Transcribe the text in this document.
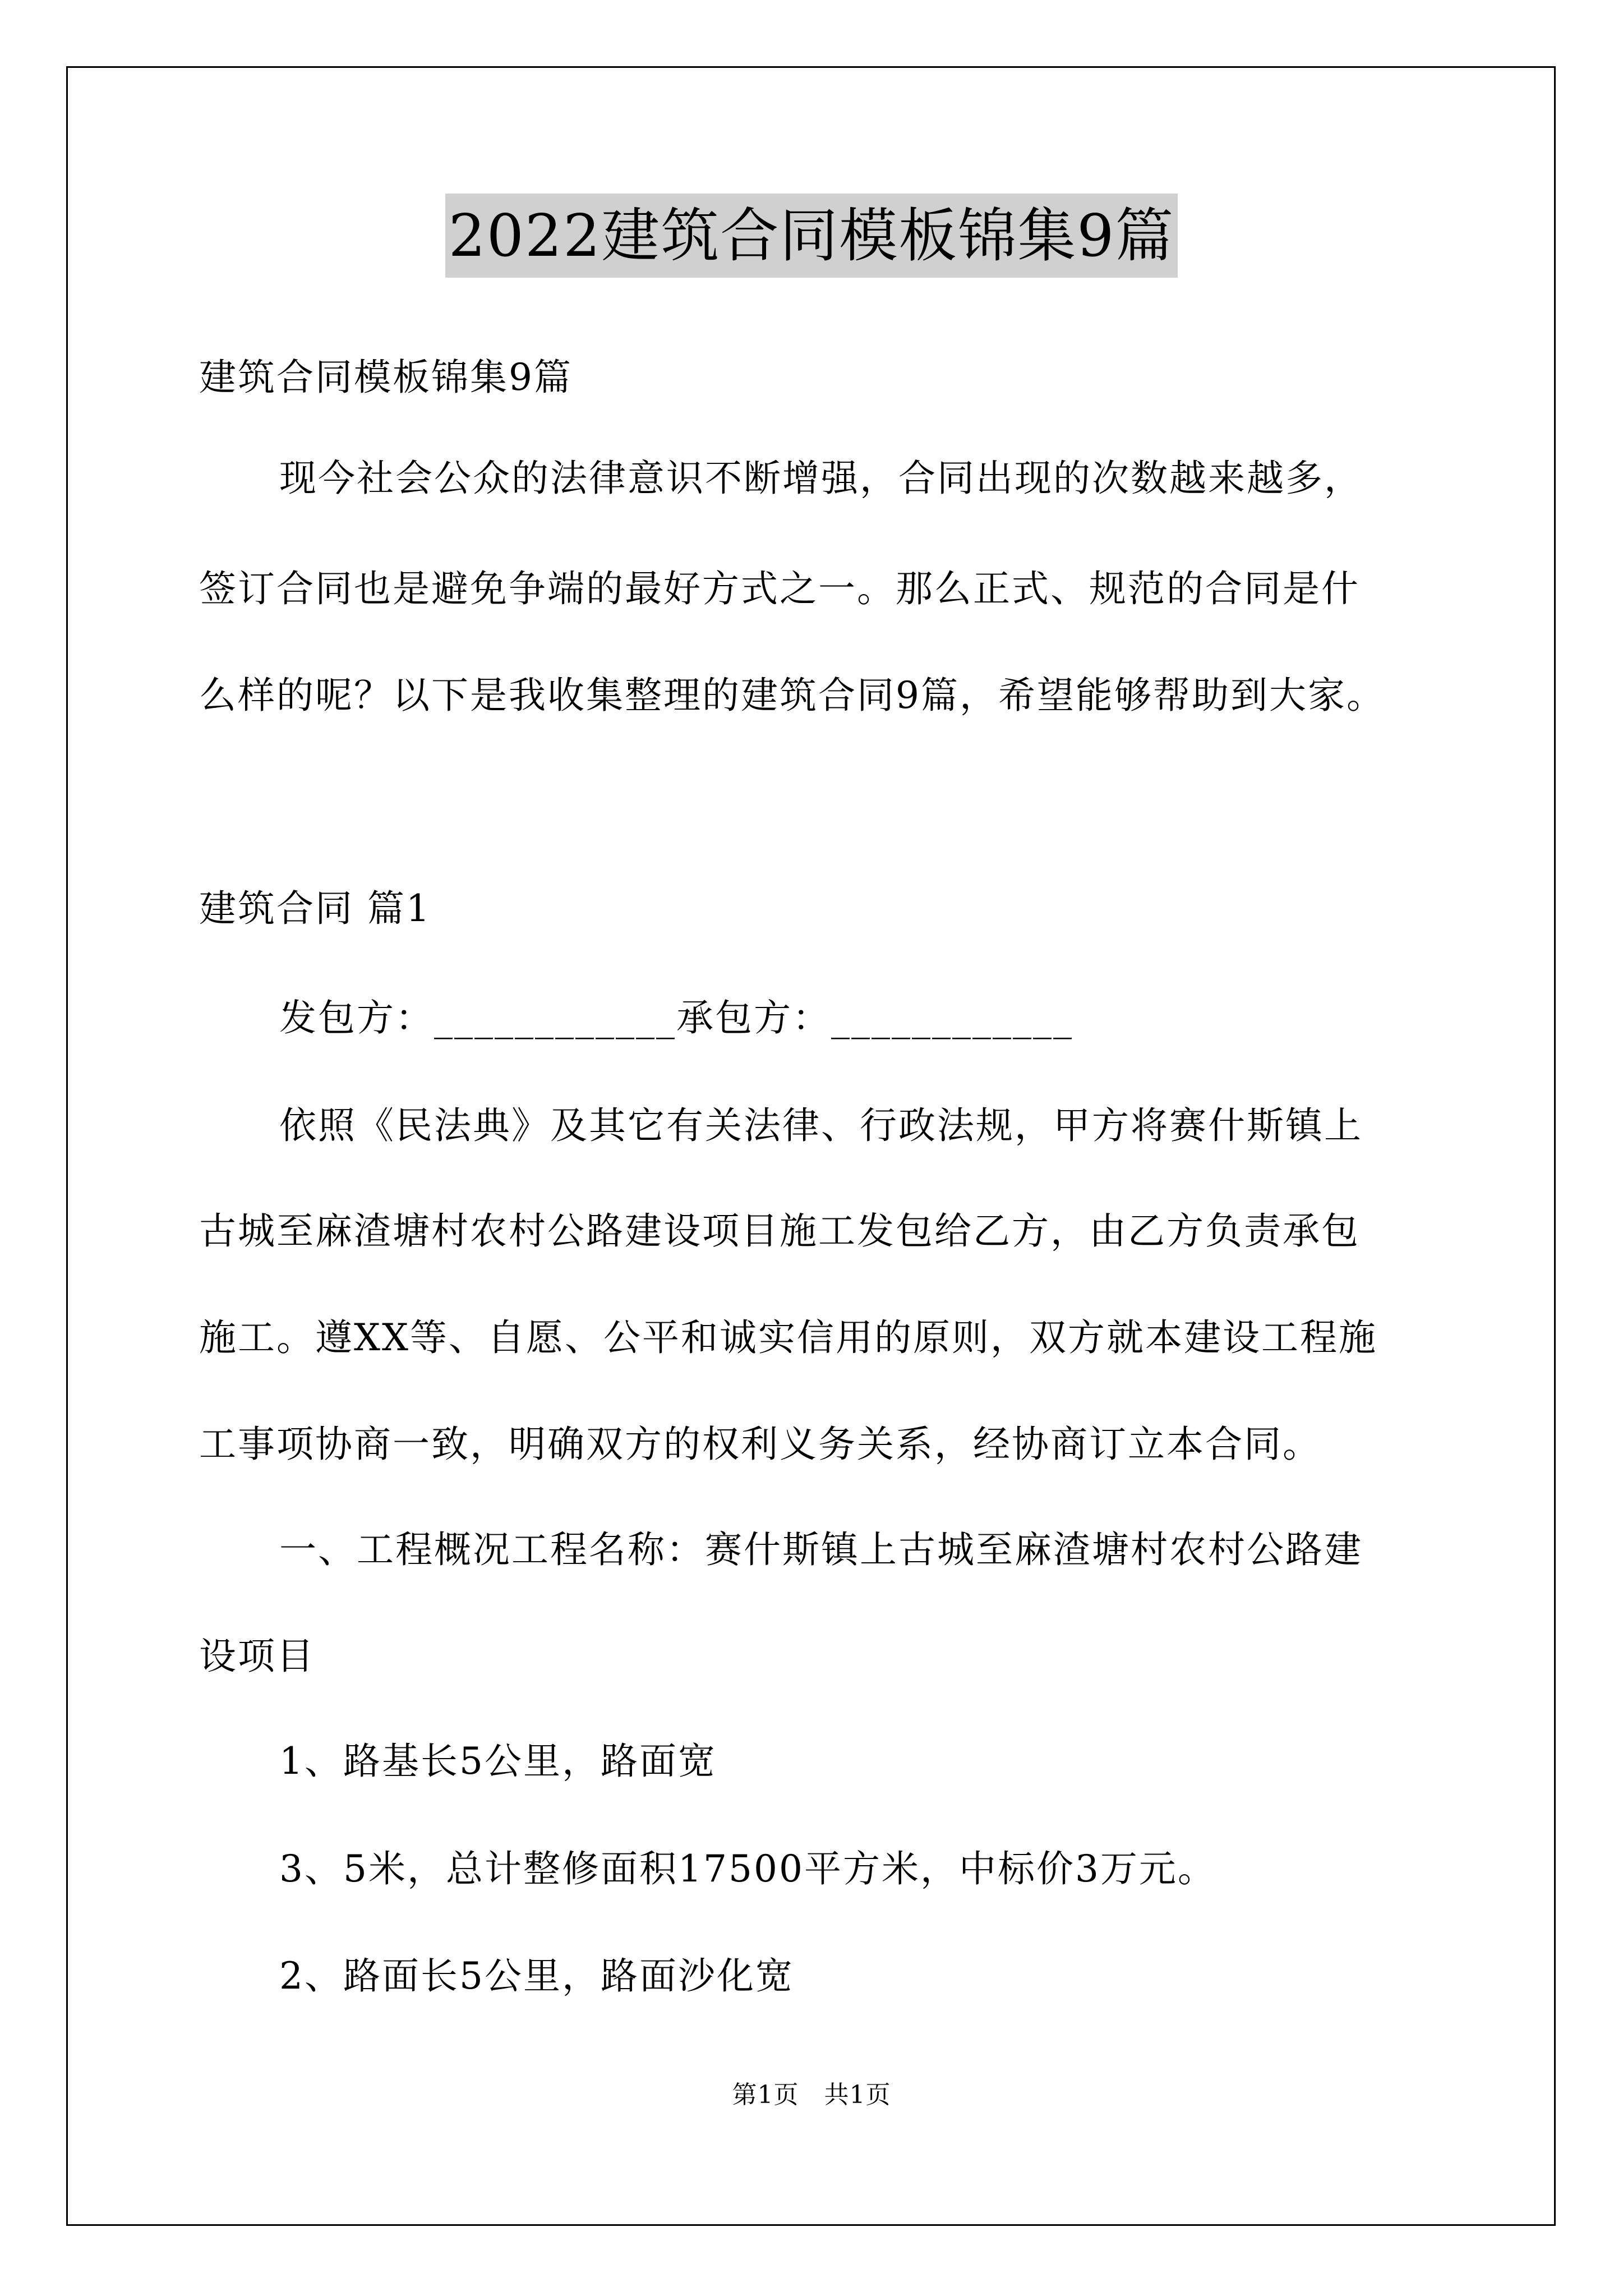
2022建筑合同模板锦集9篇
建筑合同模板锦集9篇
现今社会公众的法律意识不断增强，合同出现的次数越来越多，
签订合同也是避免争端的最好方式之一。那么正式、规范的合同是什
么样的呢？以下是我收集整理的建筑合同9篇，希望能够帮助到大家。
建筑合同 篇1
发包方：____________承包方：____________
依照《民法典》及其它有关法律、行政法规，甲方将赛什斯镇上
古城至麻渣塘村农村公路建设项目施工发包给乙方，由乙方负责承包
施工。遵XX等、自愿、公平和诚实信用的原则，双方就本建设工程施
工事项协商一致，明确双方的权利义务关系，经协商订立本合同。
一、工程概况工程名称：赛什斯镇上古城至麻渣塘村农村公路建
设项目
1、路基长5公里，路面宽
3、5米，总计整修面积17500平方米，中标价3万元。
2、路面长5公里，路面沙化宽
第1页　共1页
